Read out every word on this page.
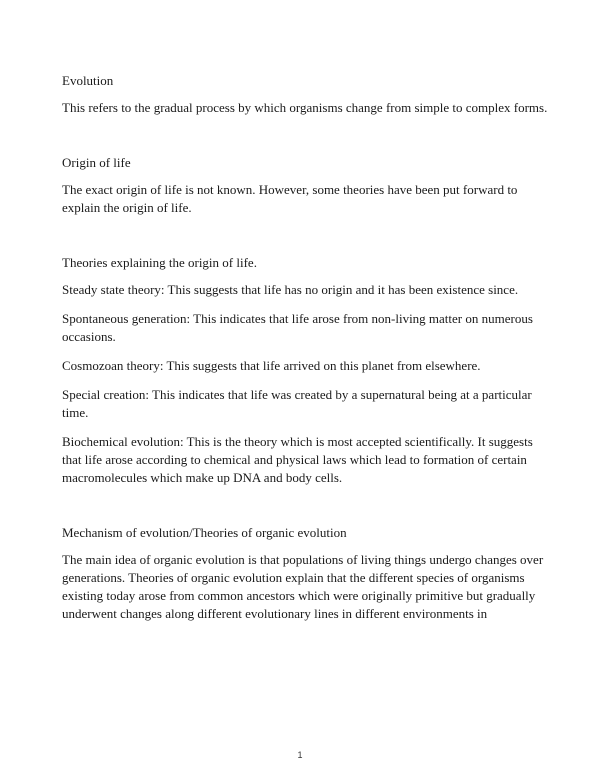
Evolution

This refers to the gradual process by which organisms change from simple to complex forms.

Origin of life

The exact origin of life is not known. However, some theories have been put forward to explain the origin of life.

Theories explaining the origin of life.

Steady state theory: This suggests that life has no origin and it has been existence since.

Spontaneous generation: This indicates that life arose from non-living matter on numerous occasions.

Cosmozoan theory: This suggests that life arrived on this planet from elsewhere.

Special creation: This indicates that life was created by a supernatural being at a particular time.

Biochemical evolution: This is the theory which is most accepted scientifically. It suggests that life arose according to chemical and physical laws which lead to formation of certain macromolecules which make up DNA and body cells.

Mechanism of evolution/Theories of organic evolution

The main idea of organic evolution is that populations of living things undergo changes over generations. Theories of organic evolution explain that the different species of organisms existing today arose from common ancestors which were originally primitive but gradually underwent changes along different evolutionary lines in different environments in

1
